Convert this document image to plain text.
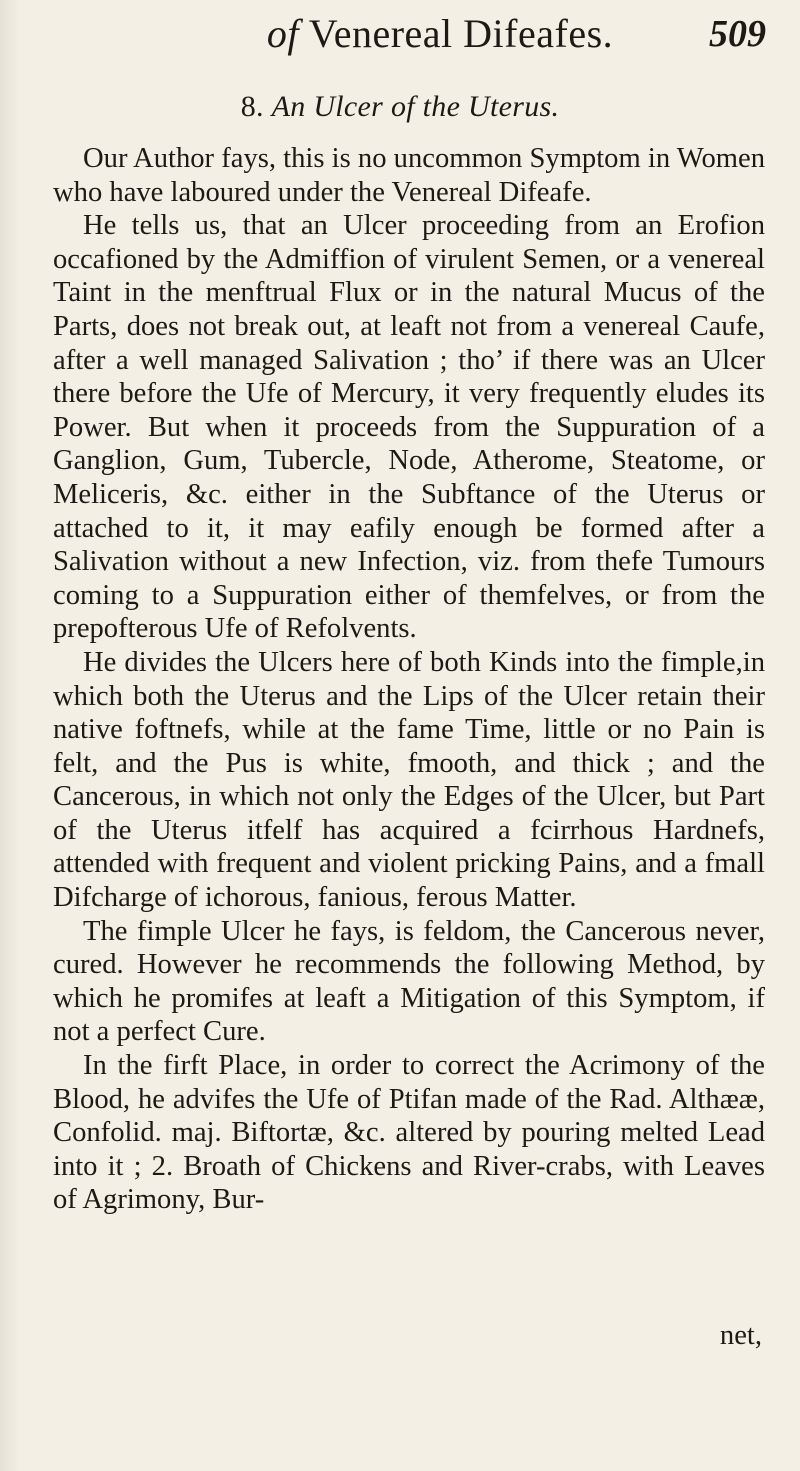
of Venereal Difeafes.	509
8. An Ulcer of the Uterus.

Our Author fays, this is no uncommon Symptom in Women who have laboured under the Venereal Difeafe.

He tells us, that an Ulcer proceeding from an Erofion occafioned by the Admiffion of virulent Semen, or a venereal Taint in the menftrual Flux or in the natural Mucus of the Parts, does not break out, at leaft not from a venereal Caufe, after a well managed Salivation ; tho’ if there was an Ulcer there before the Ufe of Mercury, it very frequently eludes its Power. But when it proceeds from the Suppuration of a Ganglion, Gum, Tubercle, Node, Atherome, Steatome, or Meliceris, &c. either in the Subftance of the Uterus or attached to it, it may eafily enough be formed after a Salivation without a new Infection, viz. from thefe Tumours coming to a Suppuration either of themfelves, or from the prepofterous Ufe of Refolvents.

He divides the Ulcers here of both Kinds into the fimple,in which both the Uterus and the Lips of the Ulcer retain their native foftnefs, while at the fame Time, little or no Pain is felt, and the Pus is white, fmooth, and thick ; and the Cancerous, in which not only the Edges of the Ulcer, but Part of the Uterus itfelf has acquired a fcirrhous Hardnefs, attended with frequent and violent pricking Pains, and a fmall Difcharge of ichorous, fanious, ferous Matter.

The fimple Ulcer he fays, is feldom, the Cancerous never, cured. However he recommends the following Method, by which he promifes at leaft a Mitigation of this Symptom, if not a perfect Cure.

In the firft Place, in order to correct the Acrimony of the Blood, he advifes the Ufe of Ptifan made of the Rad. Althææ, Confolid. maj. Biftortæ, &c. altered by pouring melted Lead into it ; 2. Broath of Chickens and River-crabs, with Leaves of Agrimony, Bur-

net,
